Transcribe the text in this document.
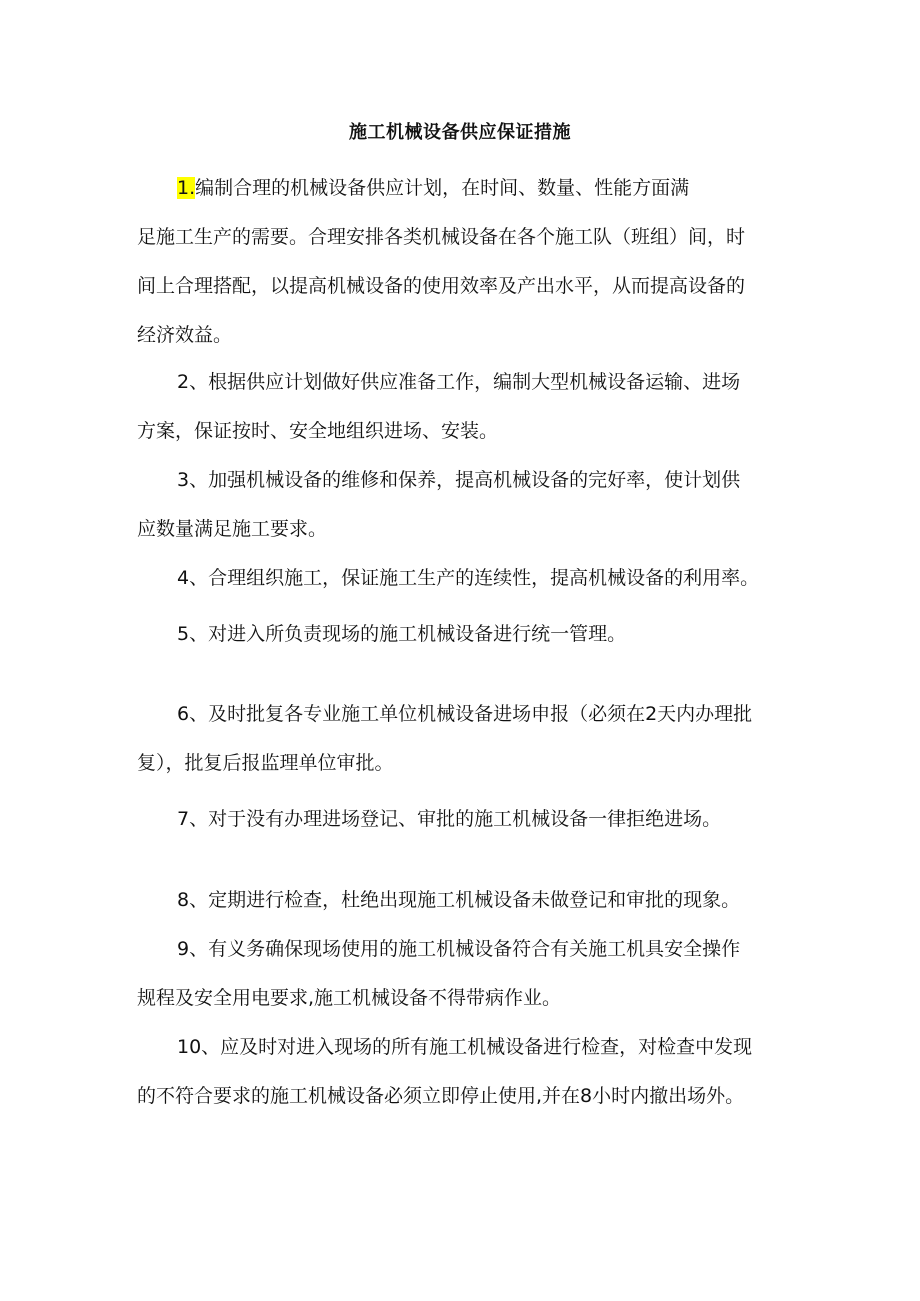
施工机械设备供应保证措施
1.编制合理的机械设备供应计划，在时间、数量、性能方面满
足施工生产的需要。合理安排各类机械设备在各个施工队（班组）间，时
间上合理搭配，以提高机械设备的使用效率及产出水平，从而提高设备的
经济效益。
2、根据供应计划做好供应准备工作，编制大型机械设备运输、进场
方案，保证按时、安全地组织进场、安装。
3、加强机械设备的维修和保养，提高机械设备的完好率，使计划供
应数量满足施工要求。
4、合理组织施工，保证施工生产的连续性，提高机械设备的利用率。
5、对进入所负责现场的施工机械设备进行统一管理。
6、及时批复各专业施工单位机械设备进场申报（必须在2天内办理批
复），批复后报监理单位审批。
7、对于没有办理进场登记、审批的施工机械设备一律拒绝进场。
8、定期进行检查，杜绝出现施工机械设备未做登记和审批的现象。
9、有义务确保现场使用的施工机械设备符合有关施工机具安全操作
规程及安全用电要求,施工机械设备不得带病作业。
10、应及时对进入现场的所有施工机械设备进行检查，对检查中发现
的不符合要求的施工机械设备必须立即停止使用,并在8小时内撤出场外。
